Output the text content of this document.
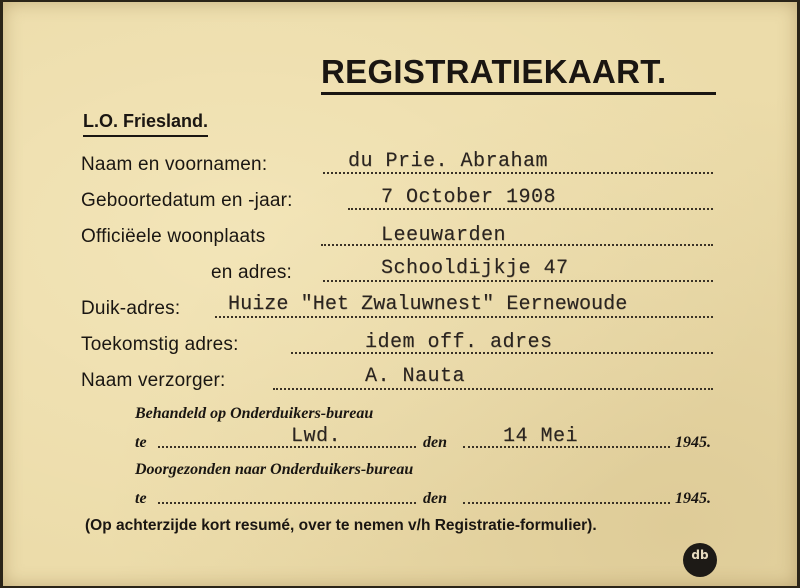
REGISTRATIEKAART.
L.O. Friesland.
Naam en voornamen:	du Prie. Abraham
Geboortedatum en -jaar:	7 October 1908
Officiëele woonplaats	Leeuwarden
en adres:	Schooldijkje 47
Duik-adres: Huize "Het Zwaluwnest" Eernewoude
Toekomstig adres:	idem off. adres
Naam verzorger:	A. Nauta
Behandeld op Onderduikers-bureau
te	Lwd.	den	14 Mei	1945.
Doorgezonden naar Onderduikers-bureau
te	den	1945.
(Op achterzijde kort resumé, over te nemen v/h Registratie-formulier).
db
